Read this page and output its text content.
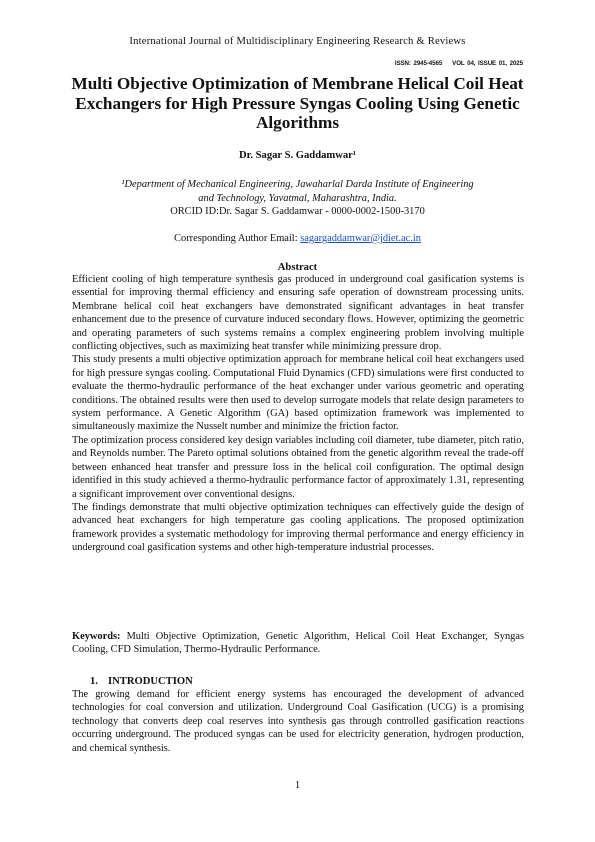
International Journal of Multidisciplinary Engineering Research & Reviews
ISSN: 2945-4565 VOL 04, ISSUE 01, 2025
Multi Objective Optimization of Membrane Helical Coil Heat Exchangers for High Pressure Syngas Cooling Using Genetic Algorithms
Dr. Sagar S. Gaddamwar¹
¹Department of Mechanical Engineering, Jawaharlal Darda Institute of Engineering and Technology, Yavatmal, Maharashtra, India.
ORCID ID:Dr. Sagar S. Gaddamwar - 0000-0002-1500-3170
Corresponding Author Email: sagargaddamwar@jdiet.ac.in
Abstract

Efficient cooling of high temperature synthesis gas produced in underground coal gasification systems is essential for improving thermal efficiency and ensuring safe operation of downstream processing units. Membrane helical coil heat exchangers have demonstrated significant advantages in heat transfer enhancement due to the presence of curvature induced secondary flows. However, optimizing the geometric and operating parameters of such systems remains a complex engineering problem involving multiple conflicting objectives, such as maximizing heat transfer while minimizing pressure drop.

This study presents a multi objective optimization approach for membrane helical coil heat exchangers used for high pressure syngas cooling. Computational Fluid Dynamics (CFD) simulations were first conducted to evaluate the thermo-hydraulic performance of the heat exchanger under various geometric and operating conditions. The obtained results were then used to develop surrogate models that relate design parameters to system performance. A Genetic Algorithm (GA) based optimization framework was implemented to simultaneously maximize the Nusselt number and minimize the friction factor.

The optimization process considered key design variables including coil diameter, tube diameter, pitch ratio, and Reynolds number. The Pareto optimal solutions obtained from the genetic algorithm reveal the trade-off between enhanced heat transfer and pressure loss in the helical coil configuration. The optimal design identified in this study achieved a thermo-hydraulic performance factor of approximately 1.31, representing a significant improvement over conventional designs.

The findings demonstrate that multi objective optimization techniques can effectively guide the design of advanced heat exchangers for high temperature gas cooling applications. The proposed optimization framework provides a systematic methodology for improving thermal performance and energy efficiency in underground coal gasification systems and other high-temperature industrial processes.

Keywords: Multi Objective Optimization, Genetic Algorithm, Helical Coil Heat Exchanger, Syngas Cooling, CFD Simulation, Thermo-Hydraulic Performance.
1. INTRODUCTION

The growing demand for efficient energy systems has encouraged the development of advanced technologies for coal conversion and utilization. Underground Coal Gasification (UCG) is a promising technology that converts deep coal reserves into synthesis gas through controlled gasification reactions occurring underground. The produced syngas can be used for electricity generation, hydrogen production, and chemical synthesis.

1
